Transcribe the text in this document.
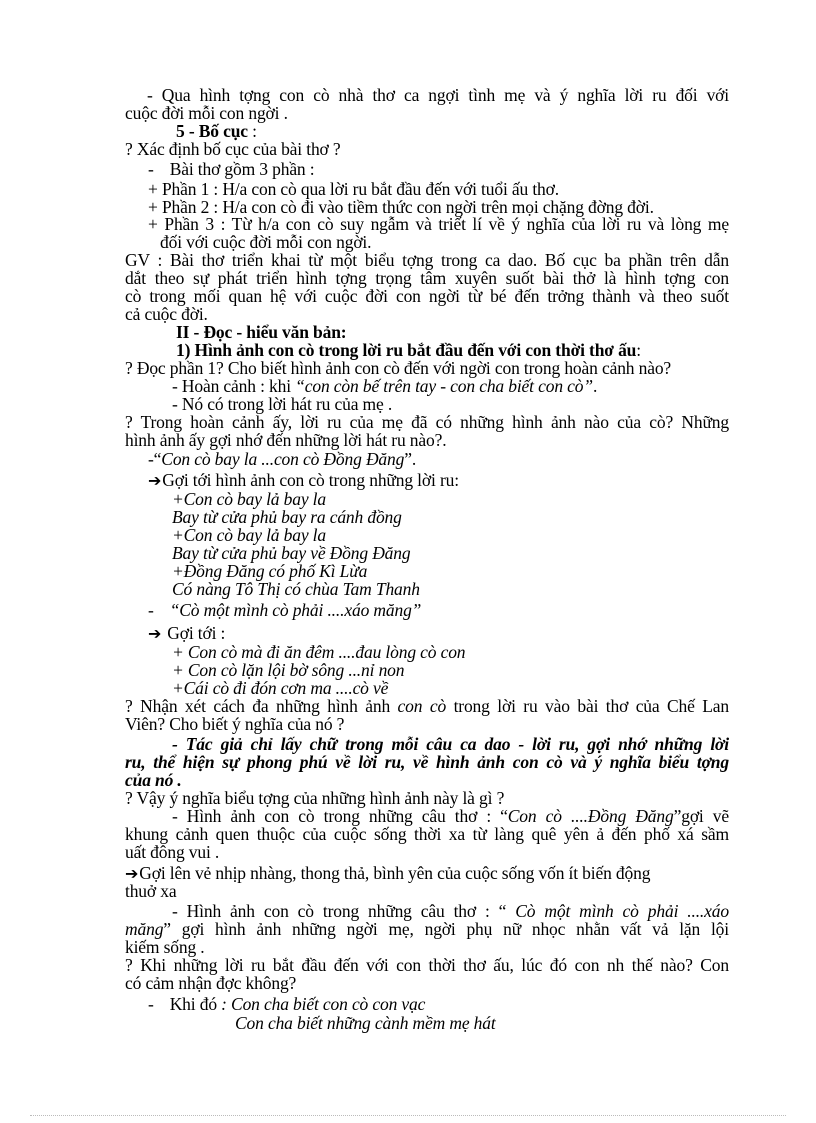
- Qua hình tợng con cò nhà thơ ca ngợi tình mẹ và ý nghĩa lời ru đối với
cuộc đời mỗi con ngời .
5 - Bố cục :
? Xác định bố cục của bài thơ ?
- Bài thơ gồm 3 phần :
+ Phần 1 : H/a con cò qua lời ru bắt đầu đến với tuổi ấu thơ.
+ Phần 2 : H/a con cò đi vào tiềm thức con ngời trên mọi chặng đờng đời.
+ Phần 3 : Từ h/a con cò suy ngẫm và triết lí về ý nghĩa của lời ru và lòng mẹ
đối với cuộc đời mỗi con ngời.
GV : Bài thơ triển khai từ một biểu tợng trong ca dao. Bố cục ba phần trên dẫn
dắt theo sự phát triển hình tợng trọng tâm xuyên suốt bài thở là hình tợng con
cò trong mối quan hệ với cuộc đời con ngời từ bé đến trởng thành và theo suốt
cả cuộc đời.
II - Đọc - hiểu văn bản:
1) Hình ảnh con cò trong lời ru bắt đầu đến với con thời thơ ấu:
? Đọc phần 1? Cho biết hình ảnh con cò đến với ngời con trong hoàn cảnh nào?
- Hoàn cảnh : khi “con còn bế trên tay - con cha biết con cò”.
- Nó có trong lời hát ru của mẹ .
? Trong hoàn cảnh ấy, lời ru của mẹ đã có những hình ảnh nào của cò? Những
hình ảnh ấy gợi nhớ đến những lời hát ru nào?.
-“Con cò bay la ...con cò Đồng Đăng”.
➔Gợi tới hình ảnh con cò trong những lời ru:
+Con cò bay lả bay la
Bay từ cửa phủ bay ra cánh đồng
+Con cò bay lả bay la
Bay từ cửa phủ bay về Đồng Đăng
+Đồng Đăng có phố Kì Lừa
Có nàng Tô Thị có chùa Tam Thanh
- “Cò một mình cò phải ....xáo măng”
➔ Gợi tới :
+ Con cò mà đi ăn đêm ....đau lòng cò con
+ Con cò lặn lội bờ sông ...nỉ non
+Cái cò đi đón cơn ma ....cò về
? Nhận xét cách đa những hình ảnh con cò trong lời ru vào bài thơ của Chế Lan
Viên? Cho biết ý nghĩa của nó ?
- Tác giả chỉ lấy chữ trong mỗi câu ca dao - lời ru, gợi nhớ những lời
ru, thể hiện sự phong phú về lời ru, về hình ảnh con cò và ý nghĩa biểu tợng
của nó .
? Vậy ý nghĩa biểu tợng của những hình ảnh này là gì ?
- Hình ảnh con cò trong những câu thơ : “Con cò ....Đồng Đăng”gợi vẽ
khung cảnh quen thuộc của cuộc sống thời xa từ làng quê yên ả đến phố xá sầm
uất đông vui .
➔Gợi lên vẻ nhịp nhàng, thong thả, bình yên của cuộc sống vốn ít biến động
thuở xa
- Hình ảnh con cò trong những câu thơ : “ Cò một mình cò phải ....xáo
măng” gợi hình ảnh những ngời mẹ, ngời phụ nữ nhọc nhằn vất vả lặn lội
kiếm sống .
? Khi những lời ru bắt đầu đến với con thời thơ ấu, lúc đó con nh thế nào? Con
có cảm nhận đợc không?
- Khi đó : Con cha biết con cò con vạc
Con cha biết những cành mềm mẹ hát
